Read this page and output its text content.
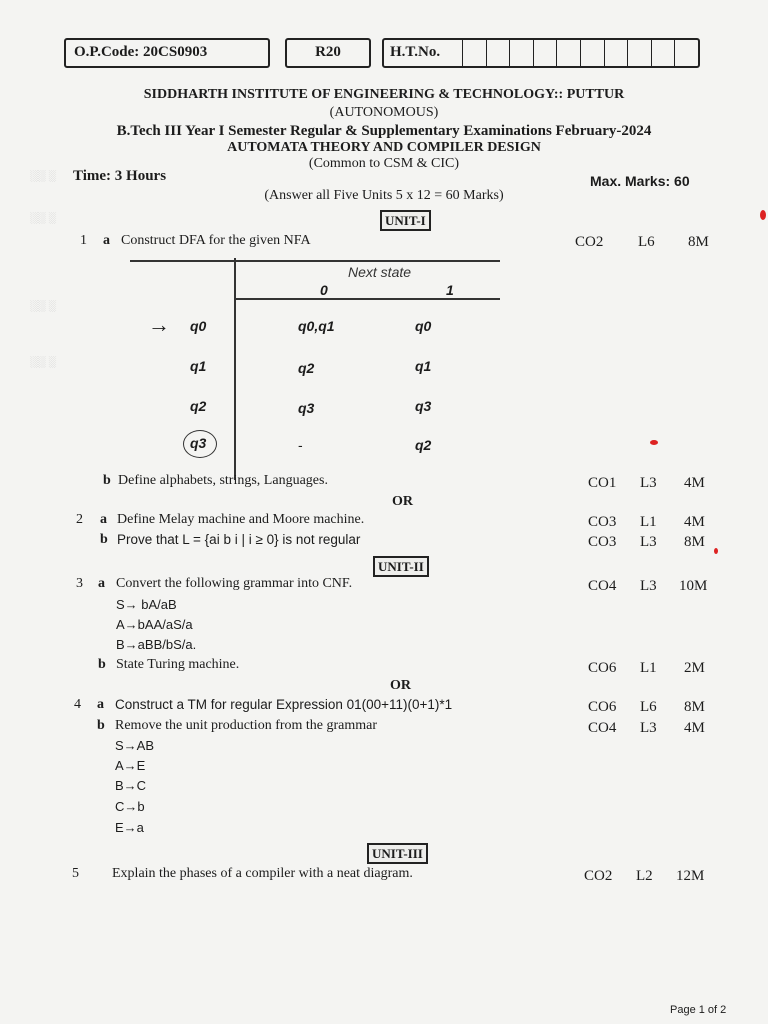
░░ ░
░░ ░
░░ ░
░░ ░
O.P.Code: 20CS0903	R20	H.T.No.
SIDDHARTH INSTITUTE OF ENGINEERING & TECHNOLOGY:: PUTTUR
(AUTONOMOUS)
B.Tech III Year I Semester Regular & Supplementary Examinations February-2024
AUTOMATA THEORY AND COMPILER DESIGN
(Common to CSM & CIC)
Time: 3 Hours	Max. Marks: 60
(Answer all Five Units 5 x 12 = 60 Marks)
UNIT-I
1 a Construct DFA for the given NFA	CO2 L6 8M
Next state
0	1
→ q0	q0,q1	q0
q1	q2	q1
q2	q3	q3
q3	-	q2
b Define alphabets, strings, Languages.	CO1 L3 4M
OR
2 a Define Melay machine and Moore machine.	CO3 L1 4M
b Prove that L = {ai b i | i ≥ 0} is not regular	CO3 L3 8M
UNIT-II
3 a Convert the following grammar into CNF.	CO4 L3 10M
S→ bA/aB
A→bAA/aS/a
B→aBB/bS/a.
b State Turing machine.	CO6 L1 2M
OR
4 a Construct a TM for regular Expression 01(00+11)(0+1)*1	CO6 L6 8M
b Remove the unit production from the grammar	CO4 L3 4M
S→AB
A→E
B→C
C→b
E→a
UNIT-III
5 Explain the phases of a compiler with a neat diagram.	CO2 L2 12M
Page 1 of 2
